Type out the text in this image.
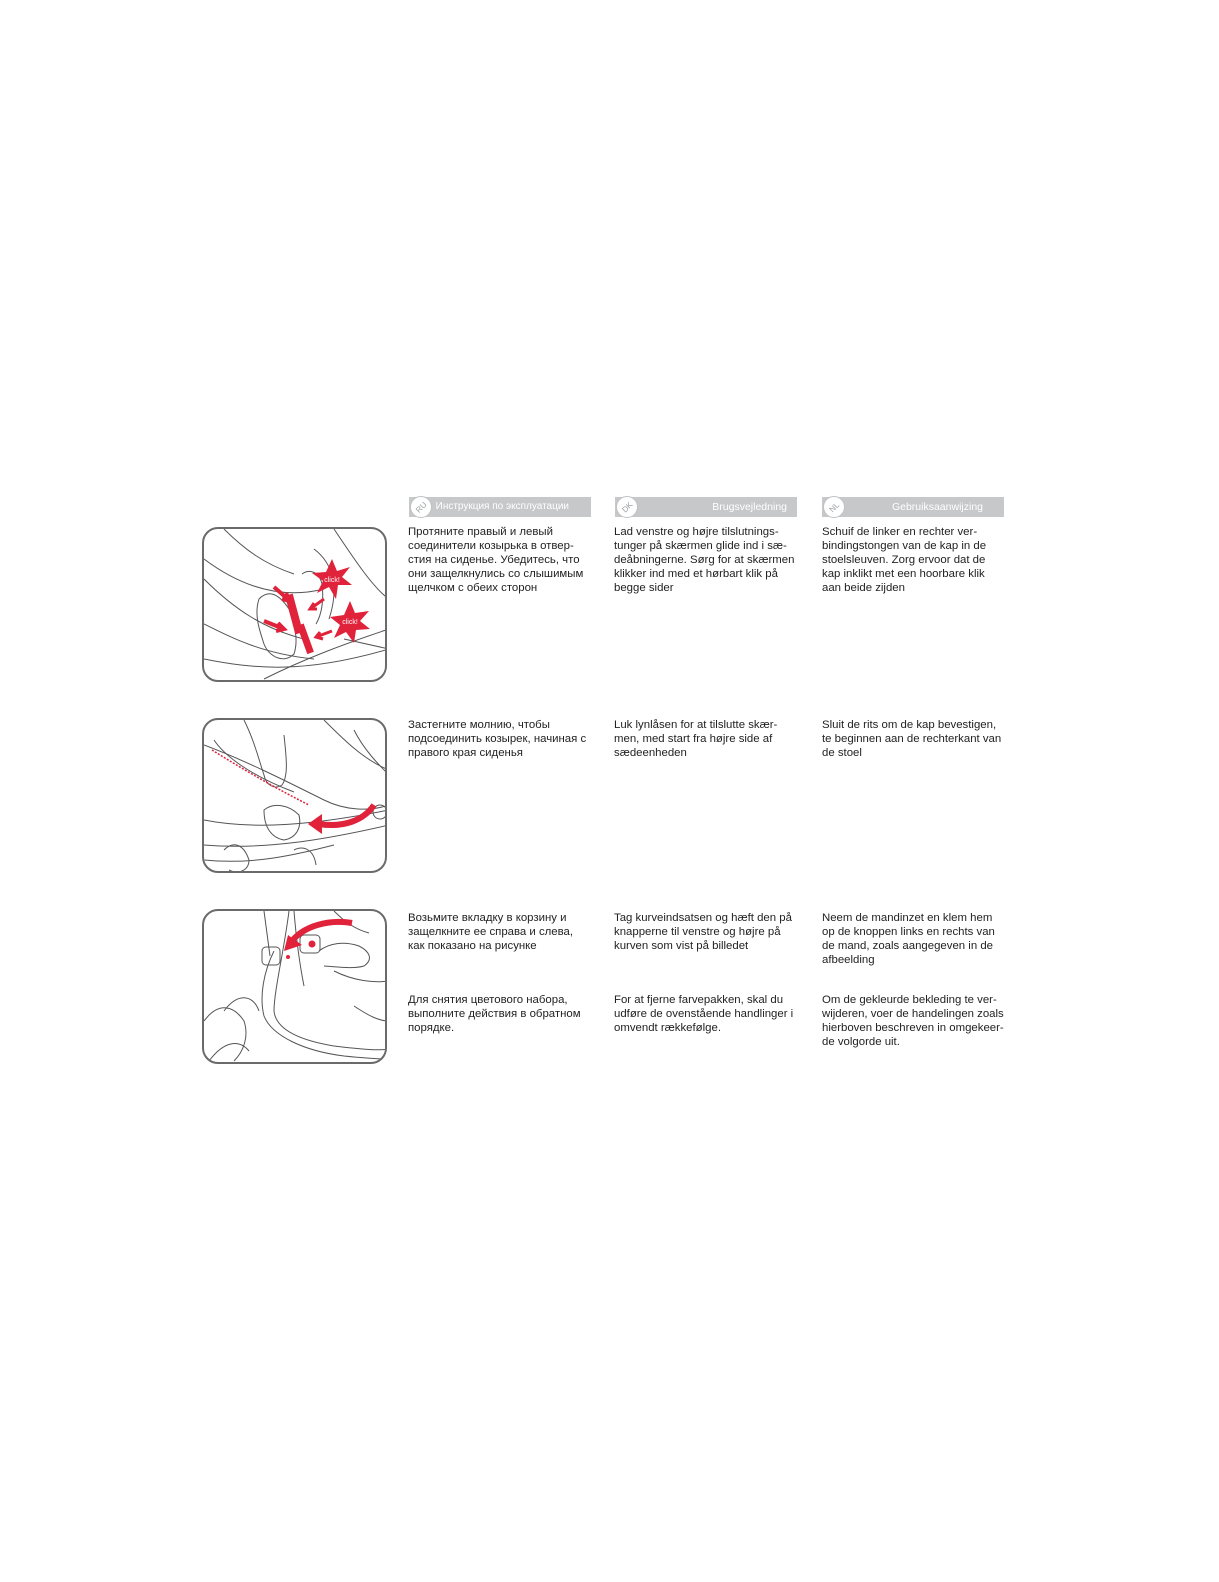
RU Инструкция по эксплуатации	DK	Brugsvejledning	NL	Gebruiksaanwijzing
click!
click!
Протяните правый и левый
соединители козырька в отвер-
стия на сиденье. Убедитесь, что
они защелкнулись со слышимым
щелчком с обеих сторон
Lad venstre og højre tilslutnings-
tunger på skærmen glide ind i sæ-
deåbningerne. Sørg for at skærmen
klikker ind med et hørbart klik på
begge sider
Schuif de linker en rechter ver-
bindingstongen van de kap in de
stoelsleuven. Zorg ervoor dat de
kap inklikt met een hoorbare klik
aan beide zijden
Застегните молнию, чтобы
подсоединить козырек, начиная с
правого края сиденья
Luk lynlåsen for at tilslutte skær-
men, med start fra højre side af
sædeenheden
Sluit de rits om de kap bevestigen,
te beginnen aan de rechterkant van
de stoel
Возьмите вкладку в корзину и
защелкните ее справа и слева,
как показано на рисунке
Tag kurveindsatsen og hæft den på
knapperne til venstre og højre på
kurven som vist på billedet
Neem de mandinzet en klem hem
op de knoppen links en rechts van
de mand, zoals aangegeven in de
afbeelding
Для снятия цветового набора,
выполните действия в обратном
порядке.
For at fjerne farvepakken, skal du
udføre de ovenstående handlinger i
omvendt rækkefølge.
Om de gekleurde bekleding te ver-
wijderen, voer de handelingen zoals
hierboven beschreven in omgekeer-
de volgorde uit.
